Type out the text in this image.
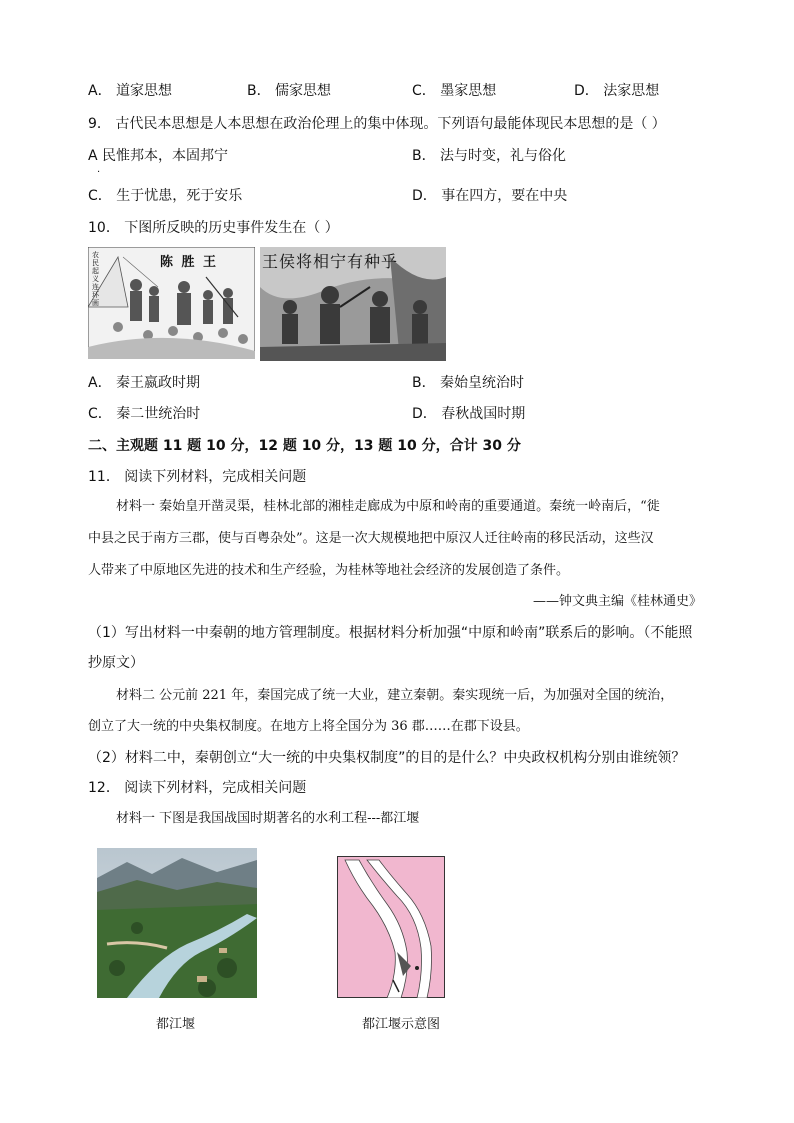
A． 道家思想	B． 儒家思想	C． 墨家思想	D． 法家思想
9． 古代民本思想是人本思想在政治伦理上的集中体现。下列语句最能体现民本思想的是（ ）
A 民惟邦本，本固邦宁
·
B． 法与时变，礼与俗化
C． 生于忧患，死于安乐	D． 事在四方，要在中央
10． 下图所反映的历史事件发生在（ ）
陈 胜 王
农民起义连环画
王侯将相宁有种乎
A． 秦王嬴政时期	B． 秦始皇统治时
C． 秦二世统治时	D． 春秋战国时期
二、主观题 11 题 10 分，12 题 10 分，13 题 10 分，合计 30 分
11． 阅读下列材料，完成相关问题
材料一 秦始皇开凿灵渠，桂林北部的湘桂走廊成为中原和岭南的重要通道。秦统一岭南后，“徙
中县之民于南方三郡，使与百粤杂处”。这是一次大规模地把中原汉人迁往岭南的移民活动，这些汉
人带来了中原地区先进的技术和生产经验，为桂林等地社会经济的发展创造了条件。
——钟文典主编《桂林通史》
（1）写出材料一中秦朝的地方管理制度。根据材料分析加强“中原和岭南”联系后的影响。（不能照
抄原文）
材料二 公元前 221 年，秦国完成了统一大业，建立秦朝。秦实现统一后，为加强对全国的统治，
创立了大一统的中央集权制度。在地方上将全国分为 36 郡……在郡下设县。
（2）材料二中，秦朝创立“大一统的中央集权制度”的目的是什么？中央政权机构分别由谁统领？
12． 阅读下列材料，完成相关问题
材料一 下图是我国战国时期著名的水利工程---都江堰
都江堰	都江堰示意图
